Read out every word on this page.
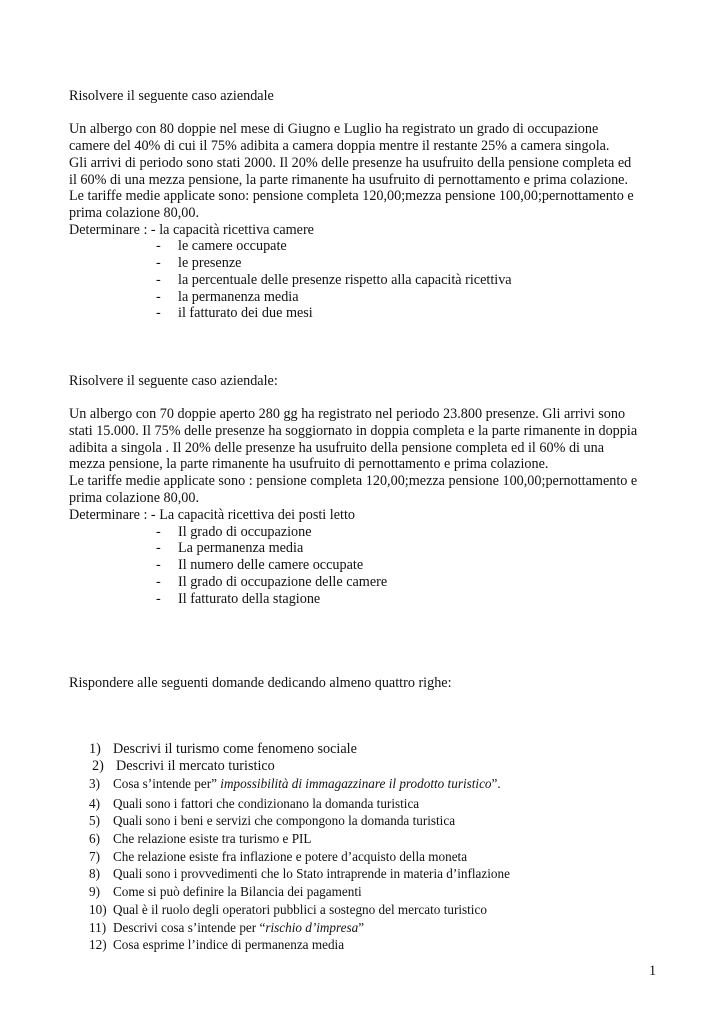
Risolvere il seguente caso aziendale
Un albergo con 80 doppie nel mese di Giugno e Luglio ha registrato un grado di occupazione
camere del 40% di cui il 75% adibita a camera doppia mentre il restante 25% a camera singola.
Gli arrivi di periodo sono stati 2000. Il 20% delle presenze ha usufruito della pensione completa ed
il 60% di una mezza pensione, la parte rimanente ha usufruito di pernottamento e prima colazione.
Le tariffe medie applicate sono: pensione completa 120,00;mezza pensione 100,00;pernottamento e
prima colazione 80,00.
Determinare : - la capacità ricettiva camere
- le camere occupate
- le presenze
- la percentuale delle presenze rispetto alla capacità ricettiva
- la permanenza media
- il fatturato dei due mesi
Risolvere il seguente caso aziendale:
Un albergo con 70 doppie aperto 280 gg ha registrato nel periodo 23.800 presenze. Gli arrivi sono
stati 15.000. Il 75% delle presenze ha soggiornato in doppia completa e la parte rimanente in doppia
adibita a singola . Il 20% delle presenze ha usufruito della pensione completa ed il 60% di una
mezza pensione, la parte rimanente ha usufruito di pernottamento e prima colazione.
Le tariffe medie applicate sono : pensione completa 120,00;mezza pensione 100,00;pernottamento e
prima colazione 80,00.
Determinare : - La capacità ricettiva dei posti letto
- Il grado di occupazione
- La permanenza media
- Il numero delle camere occupate
- Il grado di occupazione delle camere
- Il fatturato della stagione
Rispondere alle seguenti domande dedicando almeno quattro righe:
1) Descrivi il turismo come fenomeno sociale
2) Descrivi il mercato turistico
3) Cosa s’intende per” impossibilità di immagazzinare il prodotto turistico”.
4) Quali sono i fattori che condizionano la domanda turistica
5) Quali sono i beni e servizi che compongono la domanda turistica
6) Che relazione esiste tra turismo e PIL
7) Che relazione esiste fra inflazione e potere d’acquisto della moneta
8) Quali sono i provvedimenti che lo Stato intraprende in materia d’inflazione
9) Come si può definire la Bilancia dei pagamenti
10) Qual è il ruolo degli operatori pubblici a sostegno del mercato turistico
11) Descrivi cosa s’intende per “rischio d’impresa”
12) Cosa esprime l’indice di permanenza media
1
